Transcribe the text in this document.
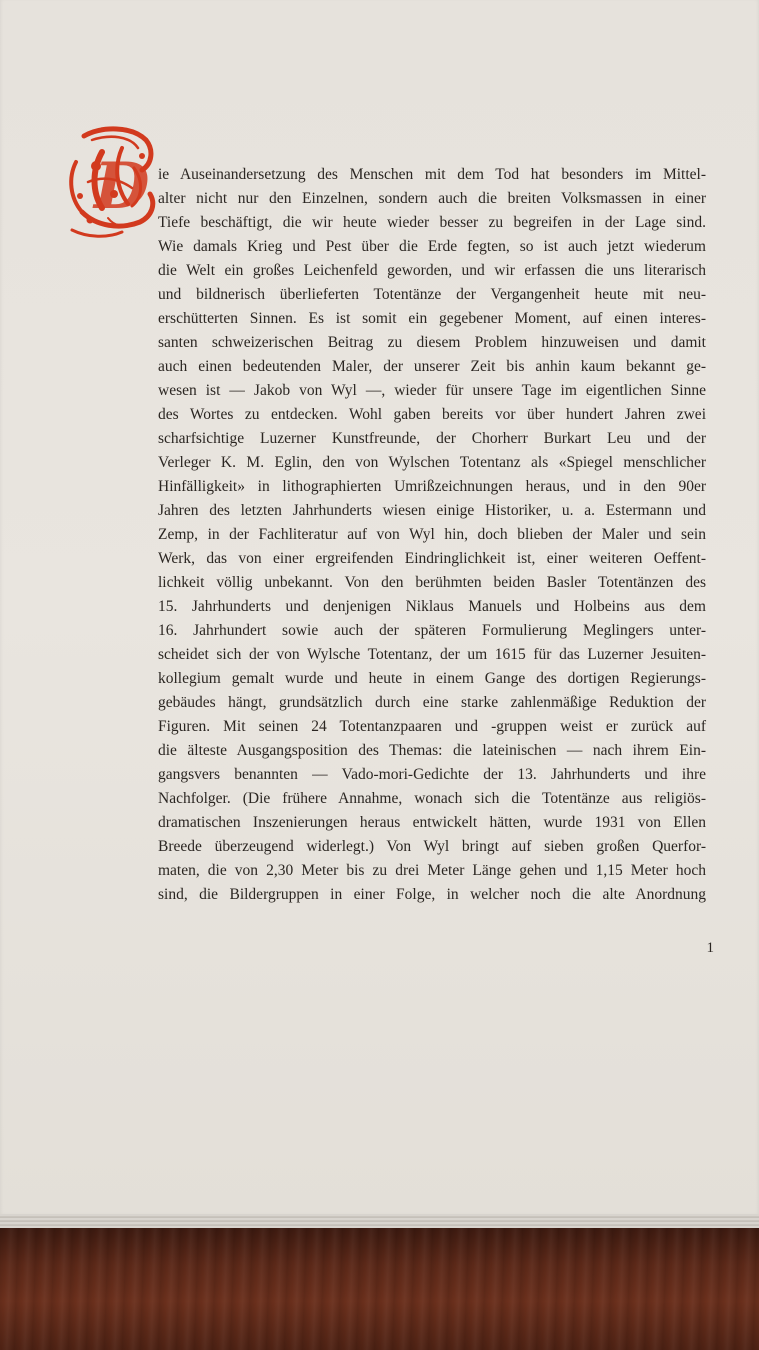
D ie Auseinandersetzung des Menschen mit dem Tod hat besonders im Mittel-
alter nicht nur den Einzelnen, sondern auch die breiten Volksmassen in einer
Tiefe beschäftigt, die wir heute wieder besser zu begreifen in der Lage sind.
Wie damals Krieg und Pest über die Erde fegten, so ist auch jetzt wiederum
die Welt ein großes Leichenfeld geworden, und wir erfassen die uns literarisch
und bildnerisch überlieferten Totentänze der Vergangenheit heute mit neu-
erschütterten Sinnen. Es ist somit ein gegebener Moment, auf einen interes-
santen schweizerischen Beitrag zu diesem Problem hinzuweisen und damit
auch einen bedeutenden Maler, der unserer Zeit bis anhin kaum bekannt ge-
wesen ist — Jakob von Wyl —, wieder für unsere Tage im eigentlichen Sinne
des Wortes zu entdecken. Wohl gaben bereits vor über hundert Jahren zwei
scharfsichtige Luzerner Kunstfreunde, der Chorherr Burkart Leu und der
Verleger K. M. Eglin, den von Wylschen Totentanz als «Spiegel menschlicher
Hinfälligkeit» in lithographierten Umrißzeichnungen heraus, und in den 90er
Jahren des letzten Jahrhunderts wiesen einige Historiker, u. a. Estermann und
Zemp, in der Fachliteratur auf von Wyl hin, doch blieben der Maler und sein
Werk, das von einer ergreifenden Eindringlichkeit ist, einer weiteren Oeffent-
lichkeit völlig unbekannt. Von den berühmten beiden Basler Totentänzen des
15. Jahrhunderts und denjenigen Niklaus Manuels und Holbeins aus dem
16. Jahrhundert sowie auch der späteren Formulierung Meglingers unter-
scheidet sich der von Wylsche Totentanz, der um 1615 für das Luzerner Jesuiten-
kollegium gemalt wurde und heute in einem Gange des dortigen Regierungs-
gebäudes hängt, grundsätzlich durch eine starke zahlenmäßige Reduktion der
Figuren. Mit seinen 24 Totentanzpaaren und -gruppen weist er zurück auf
die älteste Ausgangsposition des Themas: die lateinischen — nach ihrem Ein-
gangsvers benannten — Vado-mori-Gedichte der 13. Jahrhunderts und ihre
Nachfolger. (Die frühere Annahme, wonach sich die Totentänze aus religiös-
dramatischen Inszenierungen heraus entwickelt hätten, wurde 1931 von Ellen
Breede überzeugend widerlegt.) Von Wyl bringt auf sieben großen Querfor-
maten, die von 2,30 Meter bis zu drei Meter Länge gehen und 1,15 Meter hoch
sind, die Bildergruppen in einer Folge, in welcher noch die alte Anordnung
1
